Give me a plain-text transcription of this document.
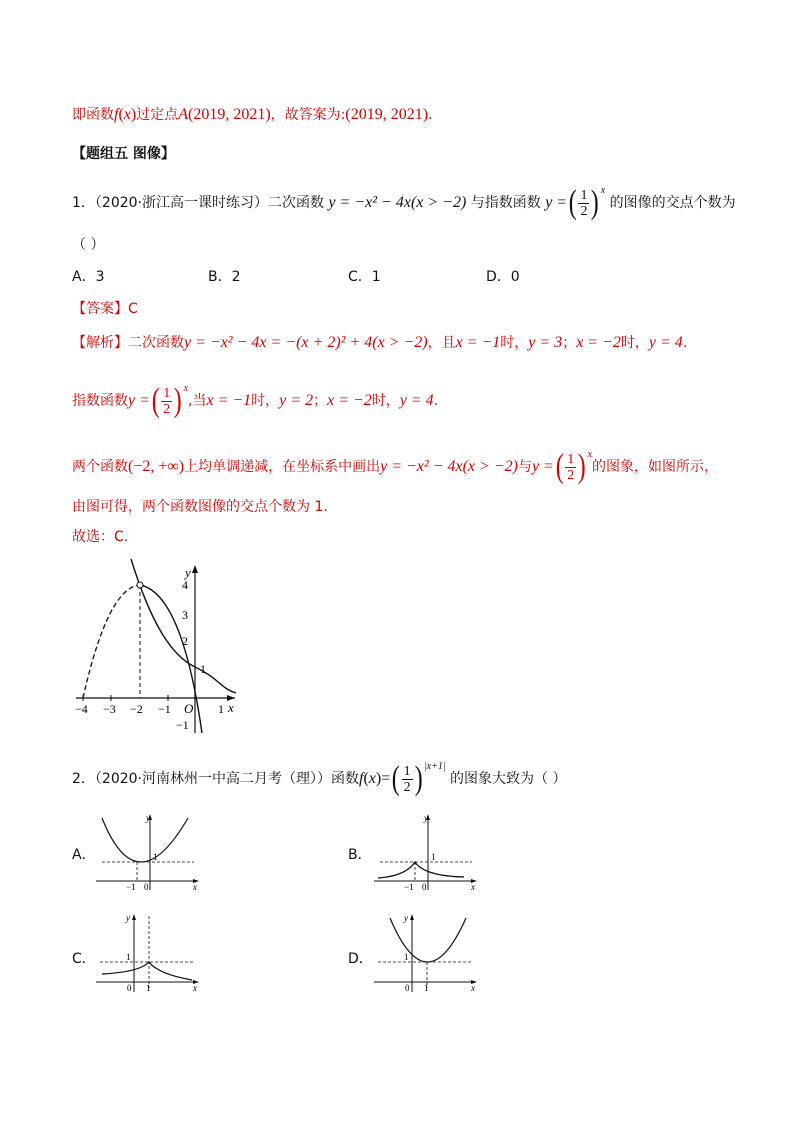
即函数f(x)过定点A(2019, 2021)，故答案为:(2019, 2021).
【题组五 图像】
1．（2020·浙江高一课时练习）二次函数 y = −x² − 4x(x > −2) 与指数函数 y =( $\frac{1}{2}$ ) $^x$ 的图像的交点个数为
（ ）
A．3	B．2	C．1	D．0
【答案】C
【解析】二次函数y = −x² − 4x = −(x + 2)² + 4(x > −2)，且x = −1时，y = 3；x = −2时，y = 4.
指数函数y =( $\frac{1}{2}$ ) $^x$,当x = −1时，y = 2；x = −2时，y = 4.
两个函数(−2, +∞)上均单调递减，在坐标系中画出y = −x² − 4x(x > −2)与y =( $\frac{1}{2}$ ) $^x$的图象，如图所示，
由图可得，两个函数图像的交点个数为 1.
故选：C.
y
x
O
4
3
2
1
−1
−4 −3 −2 −1	1
2．（2020·河南林州一中高二月考（理））函数$f(x)=( \frac{1}{2}$ ) $^{|x+1|}$ 的图象大致为（ ）
A．
y
x
−1 0
1	B．
y
x
−1 0
1
C．
y
x
0 1
1	D．
y
x
0 1
1
